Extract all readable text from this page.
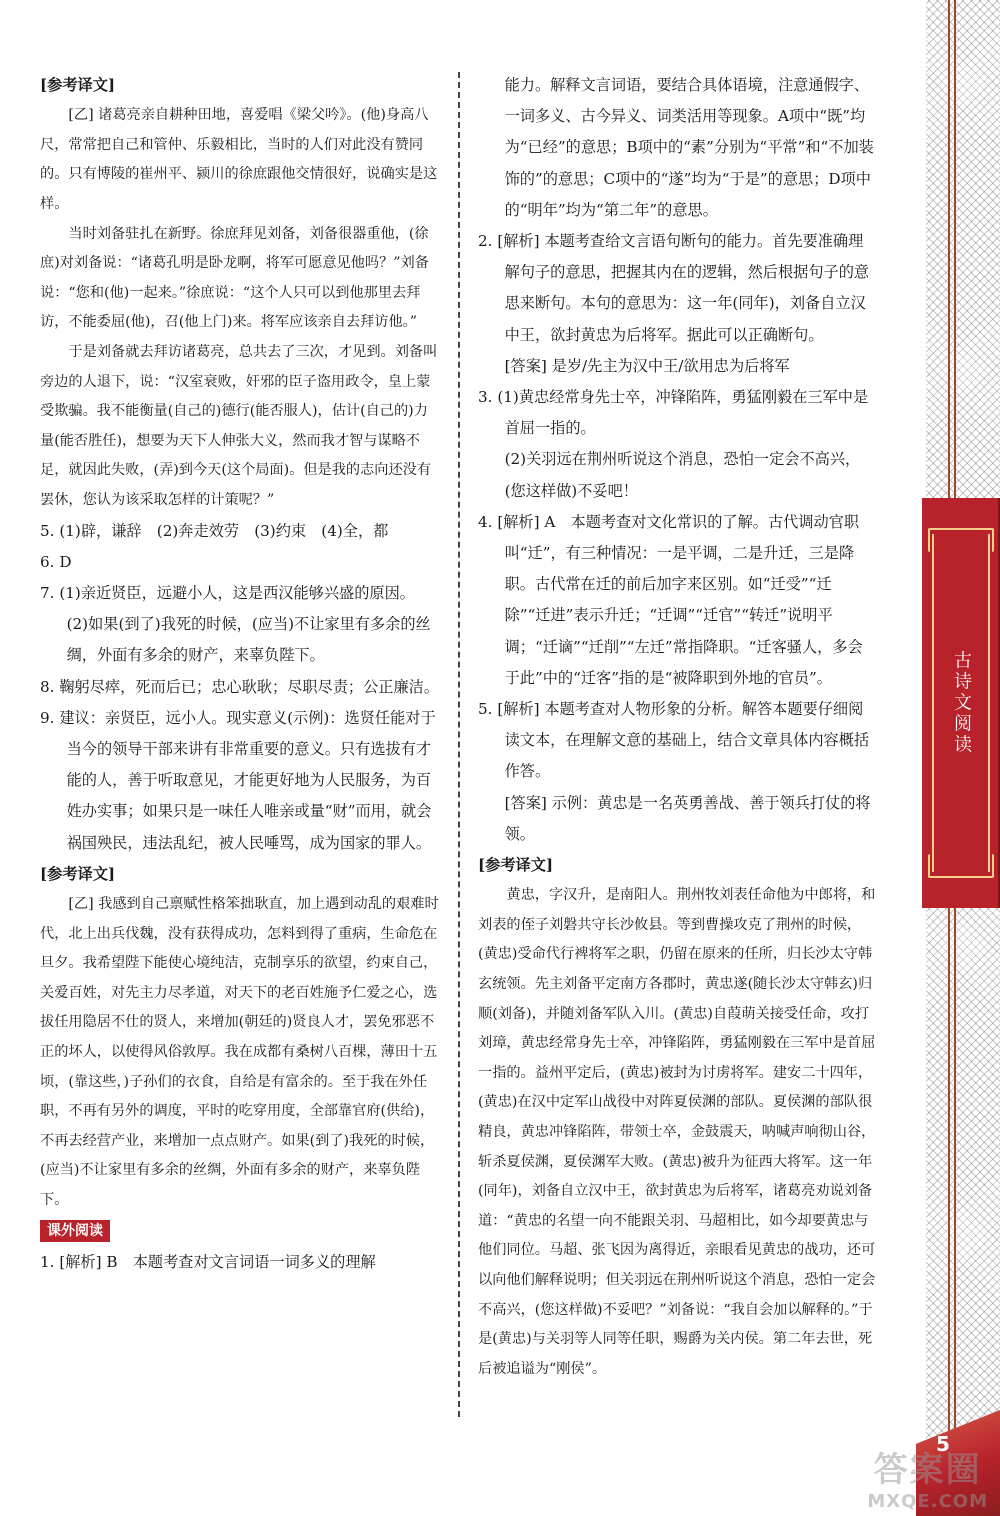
[参考译文]

[乙] 诸葛亮亲自耕种田地，喜爱唱《梁父吟》。(他)身高八尺，常常把自己和管仲、乐毅相比，当时的人们对此没有赞同的。只有博陵的崔州平、颍川的徐庶跟他交情很好，说确实是这样。

当时刘备驻扎在新野。徐庶拜见刘备，刘备很器重他，(徐庶)对刘备说：“诸葛孔明是卧龙啊，将军可愿意见他吗？”刘备说：“您和(他)一起来。”徐庶说：“这个人只可以到他那里去拜访，不能委屈(他)，召(他上门)来。将军应该亲自去拜访他。”

于是刘备就去拜访诸葛亮，总共去了三次，才见到。刘备叫旁边的人退下，说：“汉室衰败，奸邪的臣子盗用政令，皇上蒙受欺骗。我不能衡量(自己的)德行(能否服人)，估计(自己的)力量(能否胜任)，想要为天下人伸张大义，然而我才智与谋略不足，就因此失败，(弄)到今天(这个局面)。但是我的志向还没有罢休，您认为该采取怎样的计策呢？”

5. (1)辟，谦辞　(2)奔走效劳　(3)约束　(4)全，都

6. D

7. (1)亲近贤臣，远避小人，这是西汉能够兴盛的原因。

(2)如果(到了)我死的时候，(应当)不让家里有多余的丝绸，外面有多余的财产，来辜负陛下。

8. 鞠躬尽瘁，死而后已；忠心耿耿；尽职尽责；公正廉洁。

9. 建议：亲贤臣，远小人。现实意义(示例)：选贤任能对于当今的领导干部来讲有非常重要的意义。只有选拔有才能的人，善于听取意见，才能更好地为人民服务，为百姓办实事；如果只是一味任人唯亲或量“财”而用，就会祸国殃民，违法乱纪，被人民唾骂，成为国家的罪人。

[参考译文]

[乙] 我感到自己禀赋性格笨拙耿直，加上遇到动乱的艰难时代，北上出兵伐魏，没有获得成功，怎料到得了重病，生命危在旦夕。我希望陛下能使心境纯洁，克制享乐的欲望，约束自己，关爱百姓，对先主力尽孝道，对天下的老百姓施予仁爱之心，选拔任用隐居不仕的贤人，来增加(朝廷的)贤良人才，罢免邪恶不正的坏人，以使得风俗敦厚。我在成都有桑树八百棵，薄田十五顷，(靠这些，)子孙们的衣食，自给是有富余的。至于我在外任职，不再有另外的调度，平时的吃穿用度，全部靠官府(供给)，不再去经营产业，来增加一点点财产。如果(到了)我死的时候，(应当)不让家里有多余的丝绸，外面有多余的财产，来辜负陛下。

课外阅读

1. [解析] B　本题考查对文言词语一词多义的理解

能力。解释文言词语，要结合具体语境，注意通假字、一词多义、古今异义、词类活用等现象。A项中“既”均为“已经”的意思；B项中的“素”分别为“平常”和“不加装饰的”的意思；C项中的“遂”均为“于是”的意思；D项中的“明年”均为“第二年”的意思。

2. [解析] 本题考查给文言语句断句的能力。首先要准确理解句子的意思，把握其内在的逻辑，然后根据句子的意思来断句。本句的意思为：这一年(同年)，刘备自立汉中王，欲封黄忠为后将军。据此可以正确断句。

[答案] 是岁/先主为汉中王/欲用忠为后将军

3. (1)黄忠经常身先士卒，冲锋陷阵，勇猛刚毅在三军中是首屈一指的。

(2)关羽远在荆州听说这个消息，恐怕一定会不高兴，(您这样做)不妥吧！

4. [解析] A　本题考查对文化常识的了解。古代调动官职叫“迁”，有三种情况：一是平调，二是升迁，三是降职。古代常在迁的前后加字来区别。如“迁受”“迁除”“迁进”表示升迁；“迁调”“迁官”“转迁”说明平调；“迁谪”“迁削”“左迁”常指降职。“迁客骚人，多会于此”中的“迁客”指的是“被降职到外地的官员”。

5. [解析] 本题考查对人物形象的分析。解答本题要仔细阅读文本，在理解文意的基础上，结合文章具体内容概括作答。

[答案] 示例：黄忠是一名英勇善战、善于领兵打仗的将领。

[参考译文]

黄忠，字汉升，是南阳人。荆州牧刘表任命他为中郎将，和刘表的侄子刘磐共守长沙攸县。等到曹操攻克了荆州的时候，(黄忠)受命代行裨将军之职，仍留在原来的任所，归长沙太守韩玄统领。先主刘备平定南方各郡时，黄忠遂(随长沙太守韩玄)归顺(刘备)，并随刘备军队入川。(黄忠)自葭萌关接受任命，攻打刘璋，黄忠经常身先士卒，冲锋陷阵，勇猛刚毅在三军中是首屈一指的。益州平定后，(黄忠)被封为讨虏将军。建安二十四年，(黄忠)在汉中定军山战役中对阵夏侯渊的部队。夏侯渊的部队很精良，黄忠冲锋陷阵，带领士卒，金鼓震天，呐喊声响彻山谷，斩杀夏侯渊，夏侯渊军大败。(黄忠)被升为征西大将军。这一年(同年)，刘备自立汉中王，欲封黄忠为后将军，诸葛亮劝说刘备道：“黄忠的名望一向不能跟关羽、马超相比，如今却要黄忠与他们同位。马超、张飞因为离得近，亲眼看见黄忠的战功，还可以向他们解释说明；但关羽远在荆州听说这个消息，恐怕一定会不高兴，(您这样做)不妥吧？”刘备说：“我自会加以解释的。”于是(黄忠)与关羽等人同等任职，赐爵为关内侯。第二年去世，死后被追谥为“刚侯”。

古诗文阅读
5
答案圈
MXQE.COM
